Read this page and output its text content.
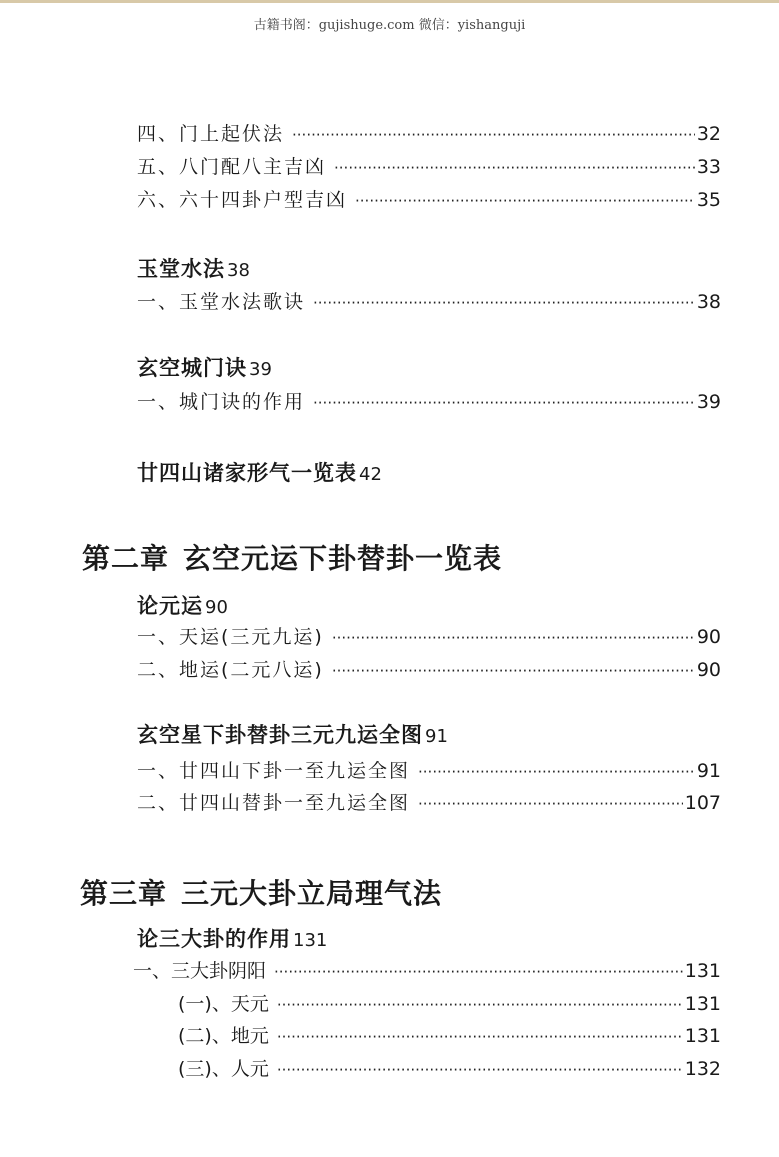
古籍书阁：gujishuge.com 微信：yishanguji
四、门上起伏法 ·····	32
五、八门配八主吉凶 ·····	33
六、六十四卦户型吉凶 ·····	35
玉堂水法 38
一、玉堂水法歌诀 ·····	38
玄空城门诀 39
一、城门诀的作用 ·····	39
廿四山诸家形气一览表 42
第二章 玄空元运下卦替卦一览表
论元运 90
一、天运(三元九运) ·····	90
二、地运(二元八运) ·····	90
玄空星下卦替卦三元九运全图 91
一、廿四山下卦一至九运全图 ·····	91
二、廿四山替卦一至九运全图 ·····	107
第三章 三元大卦立局理气法
论三大卦的作用 131
一、三大卦阴阳 ·····	131
(一)、天元 ·····	131
(二)、地元 ·····	131
(三)、人元 ·····	132
